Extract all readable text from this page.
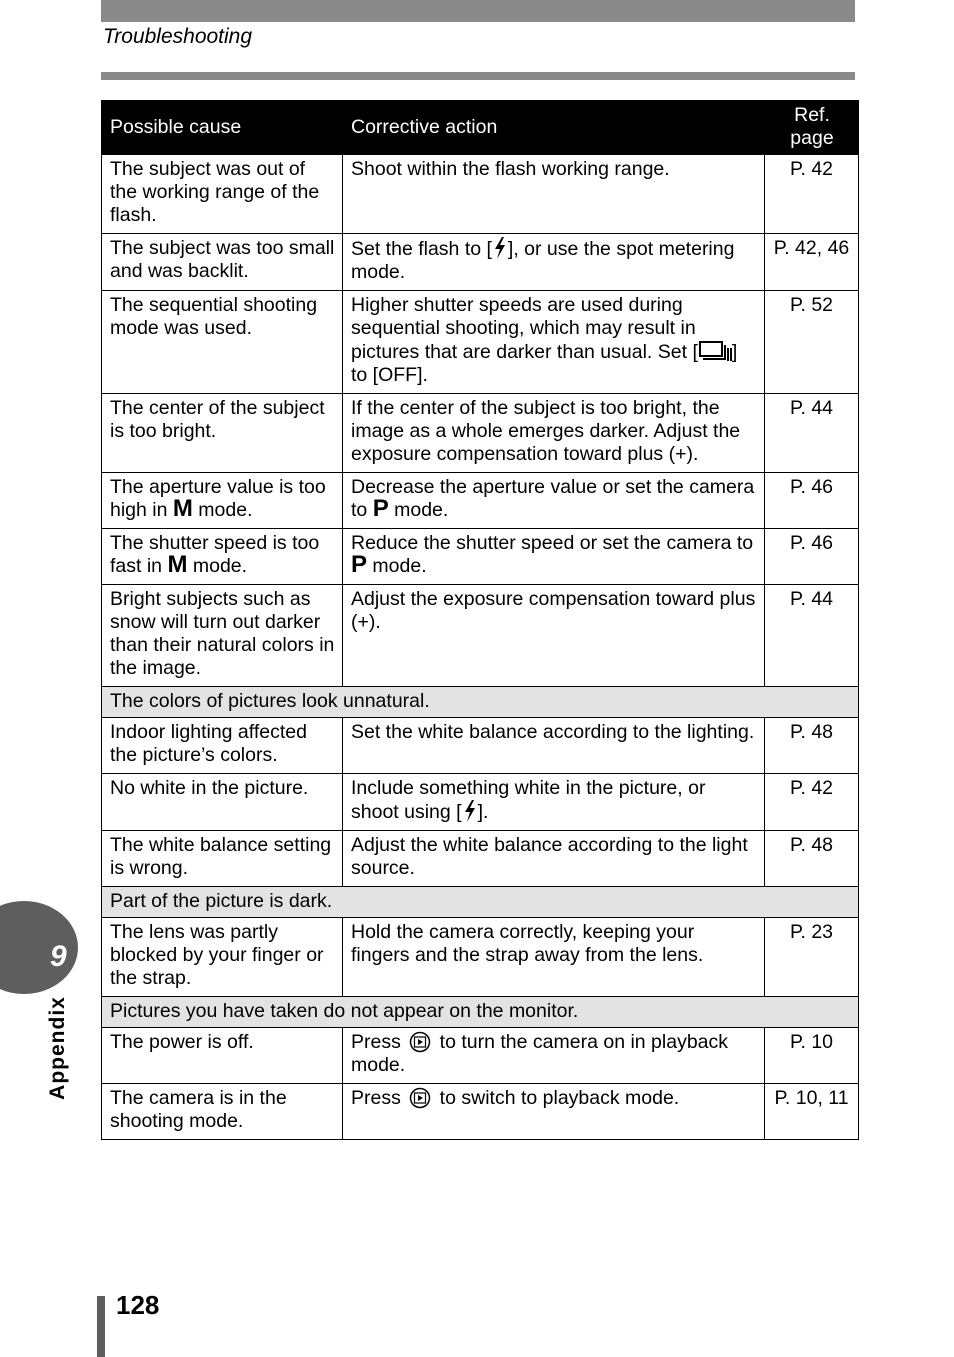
Troubleshooting
Possible cause	Corrective action	Ref. page
The subject was out of the working range of the flash.	Shoot within the flash working range.	P. 42
The subject was too small and was backlit.	Set the flash to [ ], or use the spot metering mode.	P. 42, 46
The sequential shooting mode was used.	Higher shutter speeds are used during sequential shooting, which may result in pictures that are darker than usual. Set [ ] to [OFF].	P. 52
The center of the subject is too bright.	If the center of the subject is too bright, the image as a whole emerges darker. Adjust the exposure compensation toward plus (+).	P. 44
The aperture value is too high in M mode.	Decrease the aperture value or set the camera to P mode.	P. 46
The shutter speed is too fast in M mode.	Reduce the shutter speed or set the camera to P mode.	P. 46
Bright subjects such as snow will turn out darker than their natural colors in the image.	Adjust the exposure compensation toward plus (+).	P. 44
The colors of pictures look unnatural.		
Indoor lighting affected the picture’s colors.	Set the white balance according to the lighting.	P. 48
No white in the picture.	Include something white in the picture, or shoot using [ ].	P. 42
The white balance setting is wrong.	Adjust the white balance according to the light source.	P. 48
Part of the picture is dark.		
The lens was partly blocked by your finger or the strap.	Hold the camera correctly, keeping your fingers and the strap away from the lens.	P. 23
Pictures you have taken do not appear on the monitor.		
The power is off.	Press  to turn the camera on in playback mode.	P. 10
The camera is in the shooting mode.	Press  to switch to playback mode.	P. 10, 11
9
Appendix
128
